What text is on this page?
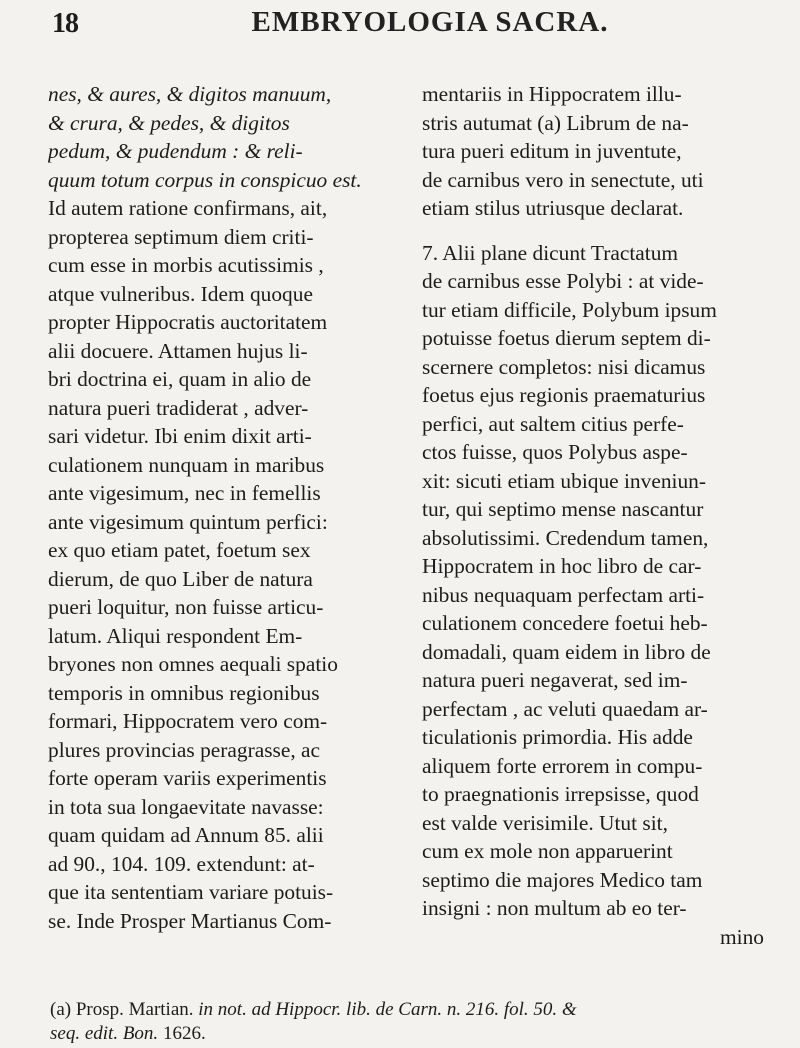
18	EMBRYOLOGIA SACRA.
nes, & aures, & digitos manuum,
& crura, & pedes, & digitos
pedum, & pudendum : & reli-
quum totum corpus in conspicuo est.
Id autem ratione confirmans, ait,
propterea septimum diem criti-
cum esse in morbis acutissimis ,
atque vulneribus. Idem quoque
propter Hippocratis auctoritatem
alii docuere. Attamen hujus li-
bri doctrina ei, quam in alio de
natura pueri tradiderat , adver-
sari videtur. Ibi enim dixit arti-
culationem nunquam in maribus
ante vigesimum, nec in femellis
ante vigesimum quintum perfici:
ex quo etiam patet, foetum sex
dierum, de quo Liber de natura
pueri loquitur, non fuisse articu-
latum. Aliqui respondent Em-
bryones non omnes aequali spatio
temporis in omnibus regionibus
formari, Hippocratem vero com-
plures provincias peragrasse, ac
forte operam variis experimentis
in tota sua longaevitate navasse:
quam quidam ad Annum 85. alii
ad 90., 104. 109. extendunt: at-
que ita sententiam variare potuis-
se. Inde Prosper Martianus Com-
mentariis in Hippocratem illu-
stris autumat (a) Librum de na-
tura pueri editum in juventute,
de carnibus vero in senectute, uti
etiam stilus utriusque declarat.
7. Alii plane dicunt Tractatum
de carnibus esse Polybi : at vide-
tur etiam difficile, Polybum ipsum
potuisse foetus dierum septem di-
scernere completos: nisi dicamus
foetus ejus regionis praematurius
perfici, aut saltem citius perfe-
ctos fuisse, quos Polybus aspe-
xit: sicuti etiam ubique inveniun-
tur, qui septimo mense nascantur
absolutissimi. Credendum tamen,
Hippocratem in hoc libro de car-
nibus nequaquam perfectam arti-
culationem concedere foetui heb-
domadali, quam eidem in libro de
natura pueri negaverat, sed im-
perfectam , ac veluti quaedam ar-
ticulationis primordia. His adde
aliquem forte errorem in compu-
to praegnationis irrepsisse, quod
est valde verisimile. Utut sit,
cum ex mole non apparuerint
septimo die majores Medico tam
insigni : non multum ab eo ter-
mino
(a) Prosp. Martian. in not. ad Hippocr. lib. de Carn. n. 216. fol. 50. &
seq. edit. Bon. 1626.
